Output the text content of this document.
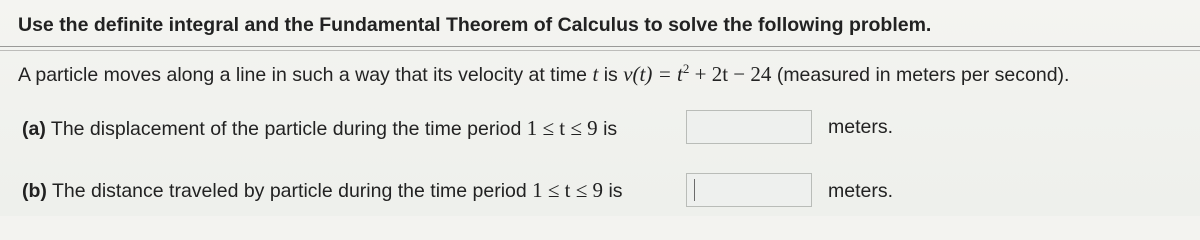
Use the definite integral and the Fundamental Theorem of Calculus to solve the following problem.
A particle moves along a line in such a way that its velocity at time t is $v(t) = t^2 + 2t - 24$ (measured in meters per second).
(a) The displacement of the particle during the time period 1 ≤ t ≤ 9 is	meters.
(b) The distance traveled by particle during the time period 1 ≤ t ≤ 9 is	meters.
